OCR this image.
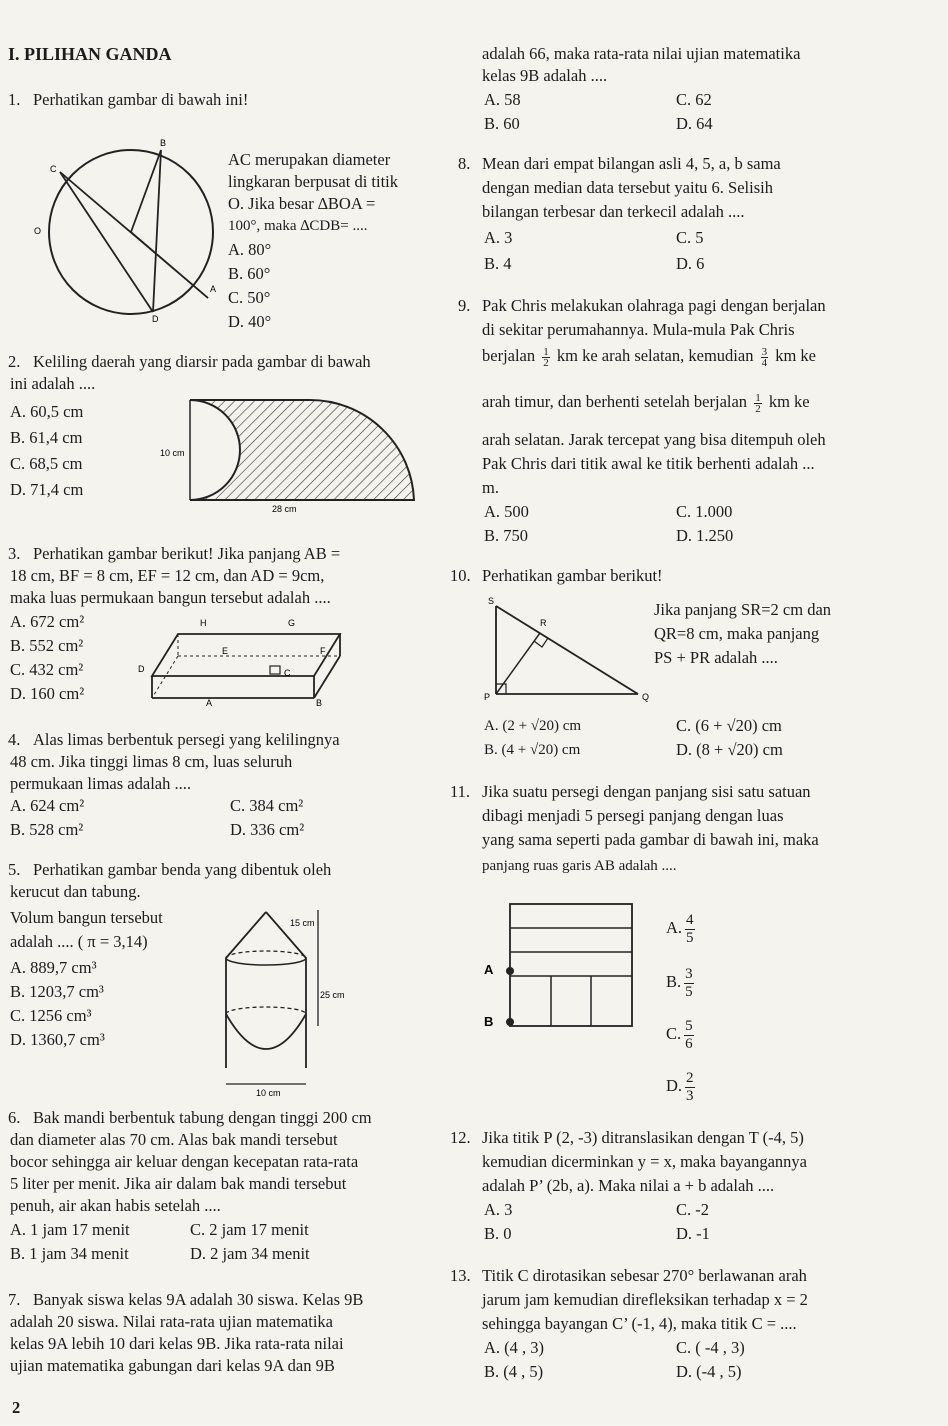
I. PILIHAN GANDA
1. Perhatikan gambar di bawah ini!
B
C
O
A
D
AC merupakan diameter
lingkaran berpusat di titik
O. Jika besar ∆BOA =
100°, maka ∆CDB= ....
A. 80°
B. 60°
C. 50°
D. 40°
2. Keliling daerah yang diarsir pada gambar di bawah
ini adalah ....
A. 60,5 cm
B. 61,4 cm
C. 68,5 cm
D. 71,4 cm
10 cm
28 cm
3. Perhatikan gambar berikut! Jika panjang AB =
18 cm, BF = 8 cm, EF = 12 cm, dan AD = 9cm,
maka luas permukaan bangun tersebut adalah ....
A. 672 cm²
B. 552 cm²
C. 432 cm²
D. 160 cm²
H	G
E	F
D	C
A	B
4. Alas limas berbentuk persegi yang kelilingnya
48 cm. Jika tinggi limas 8 cm, luas seluruh
permukaan limas adalah ....
A. 624 cm²	C. 384 cm²
B. 528 cm²	D. 336 cm²
5. Perhatikan gambar benda yang dibentuk oleh
kerucut dan tabung.
Volum bangun tersebut
adalah .... ( π = 3,14)
A. 889,7 cm³
B. 1203,7 cm³
C. 1256 cm³
D. 1360,7 cm³
15 cm
25 cm
10 cm
6. Bak mandi berbentuk tabung dengan tinggi 200 cm
dan diameter alas 70 cm. Alas bak mandi tersebut
bocor sehingga air keluar dengan kecepatan rata-rata
5 liter per menit. Jika air dalam bak mandi tersebut
penuh, air akan habis setelah ....
A. 1 jam 17 menit	C. 2 jam 17 menit
B. 1 jam 34 menit	D. 2 jam 34 menit
7. Banyak siswa kelas 9A adalah 30 siswa. Kelas 9B
adalah 20 siswa. Nilai rata-rata ujian matematika
kelas 9A lebih 10 dari kelas 9B. Jika rata-rata nilai
ujian matematika gabungan dari kelas 9A dan 9B
2
adalah 66, maka rata-rata nilai ujian matematika
kelas 9B adalah ....
A. 58	C. 62
B. 60	D. 64
8. Mean dari empat bilangan asli 4, 5, a, b sama
dengan median data tersebut yaitu 6. Selisih
bilangan terbesar dan terkecil adalah ....
A. 3	C. 5
B. 4	D. 6
9. Pak Chris melakukan olahraga pagi dengan berjalan
di sekitar perumahannya. Mula-mula Pak Chris
berjalan $\frac{1}{2}$ km ke arah selatan, kemudian $\frac{3}{4}$ km ke
arah timur, dan berhenti setelah berjalan $\frac{1}{2}$ km ke
arah selatan. Jarak tercepat yang bisa ditempuh oleh
Pak Chris dari titik awal ke titik berhenti adalah ...
m.
A. 500	C. 1.000
B. 750	D. 1.250
10. Perhatikan gambar berikut!
S
R
P	Q
Jika panjang SR=2 cm dan
QR=8 cm, maka panjang
PS + PR adalah ....
A. (2 + √20) cm	C. (6 + √20) cm
B. (4 + √20) cm	D. (8 + √20) cm
11. Jika suatu persegi dengan panjang sisi satu satuan
dibagi menjadi 5 persegi panjang dengan luas
yang sama seperti pada gambar di bawah ini, maka
panjang ruas garis AB adalah ....
A
B
A. $\frac{4}{5}$
B. $\frac{3}{5}$
C. $\frac{5}{6}$
D. $\frac{2}{3}$
12. Jika titik P (2, -3) ditranslasikan dengan T (-4, 5)
kemudian dicerminkan y = x, maka bayangannya
adalah P’ (2b, a). Maka nilai a + b adalah ....
A. 3	C. -2
B. 0	D. -1
13. Titik C dirotasikan sebesar 270° berlawanan arah
jarum jam kemudian direfleksikan terhadap x = 2
sehingga bayangan C’ (-1, 4), maka titik C = ....
A. (4 , 3)	C. ( -4 , 3)
B. (4 , 5)	D. (-4 , 5)
